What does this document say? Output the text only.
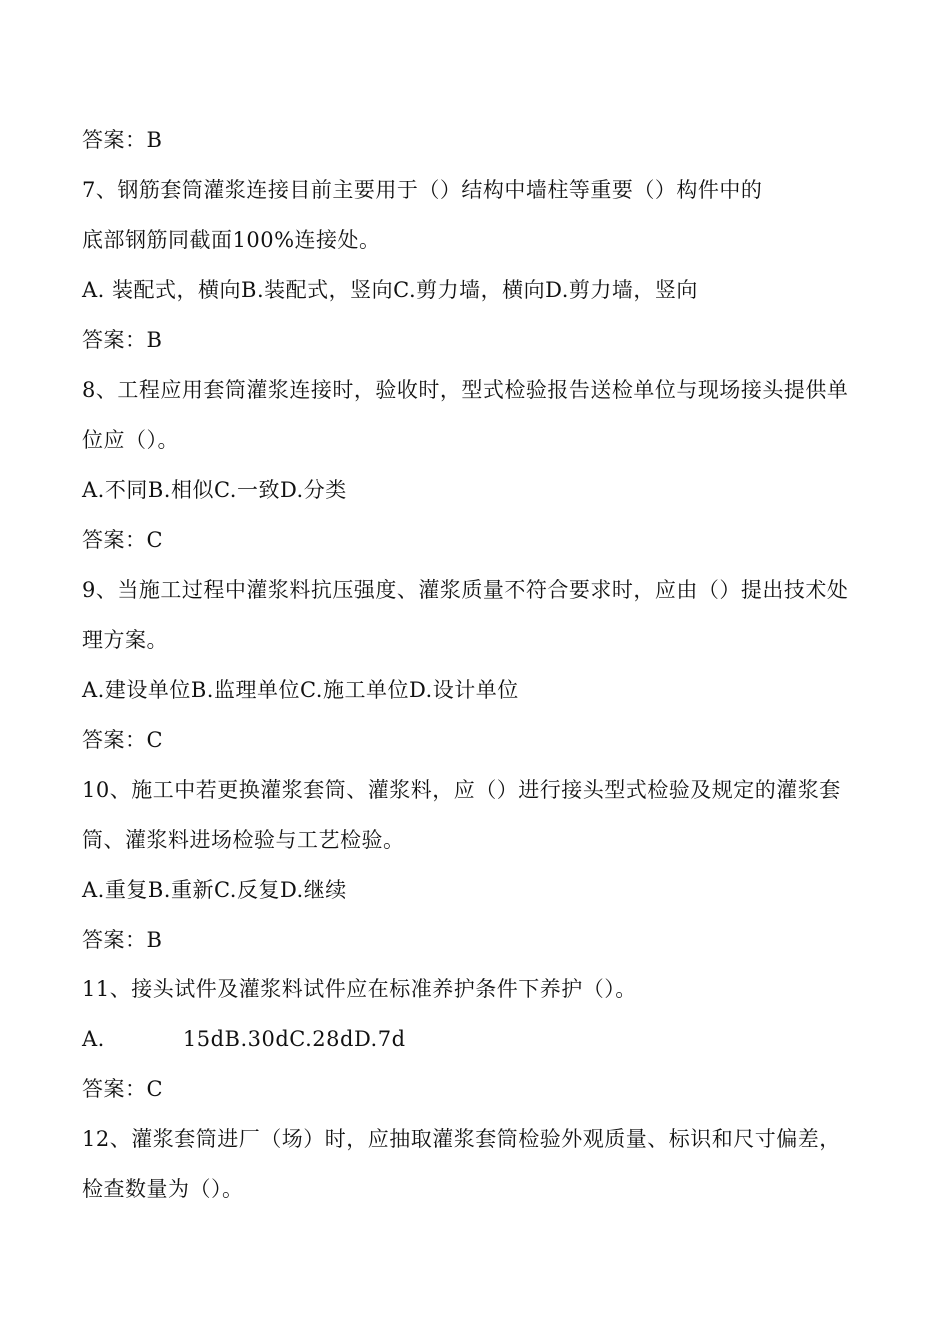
答案：B
7、钢筋套筒灌浆连接目前主要用于（）结构中墙柱等重要（）构件中的
底部钢筋同截面100%连接处。
A. 装配式，横向B.装配式，竖向C.剪力墙，横向D.剪力墙，竖向
答案：B
8、工程应用套筒灌浆连接时，验收时，型式检验报告送检单位与现场接头提供单
位应（）。
A.不同B.相似C.一致D.分类
答案：C
9、当施工过程中灌浆料抗压强度、灌浆质量不符合要求时，应由（）提出技术处
理方案。
A.建设单位B.监理单位C.施工单位D.设计单位
答案：C
10、施工中若更换灌浆套筒、灌浆料，应（）进行接头型式检验及规定的灌浆套
筒、灌浆料进场检验与工艺检验。
A.重复B.重新C.反复D.继续
答案：B
11、接头试件及灌浆料试件应在标准养护条件下养护（）。
A.	15dB.30dC.28dD.7d
答案：C
12、灌浆套筒进厂（场）时，应抽取灌浆套筒检验外观质量、标识和尺寸偏差，
检查数量为（）。
